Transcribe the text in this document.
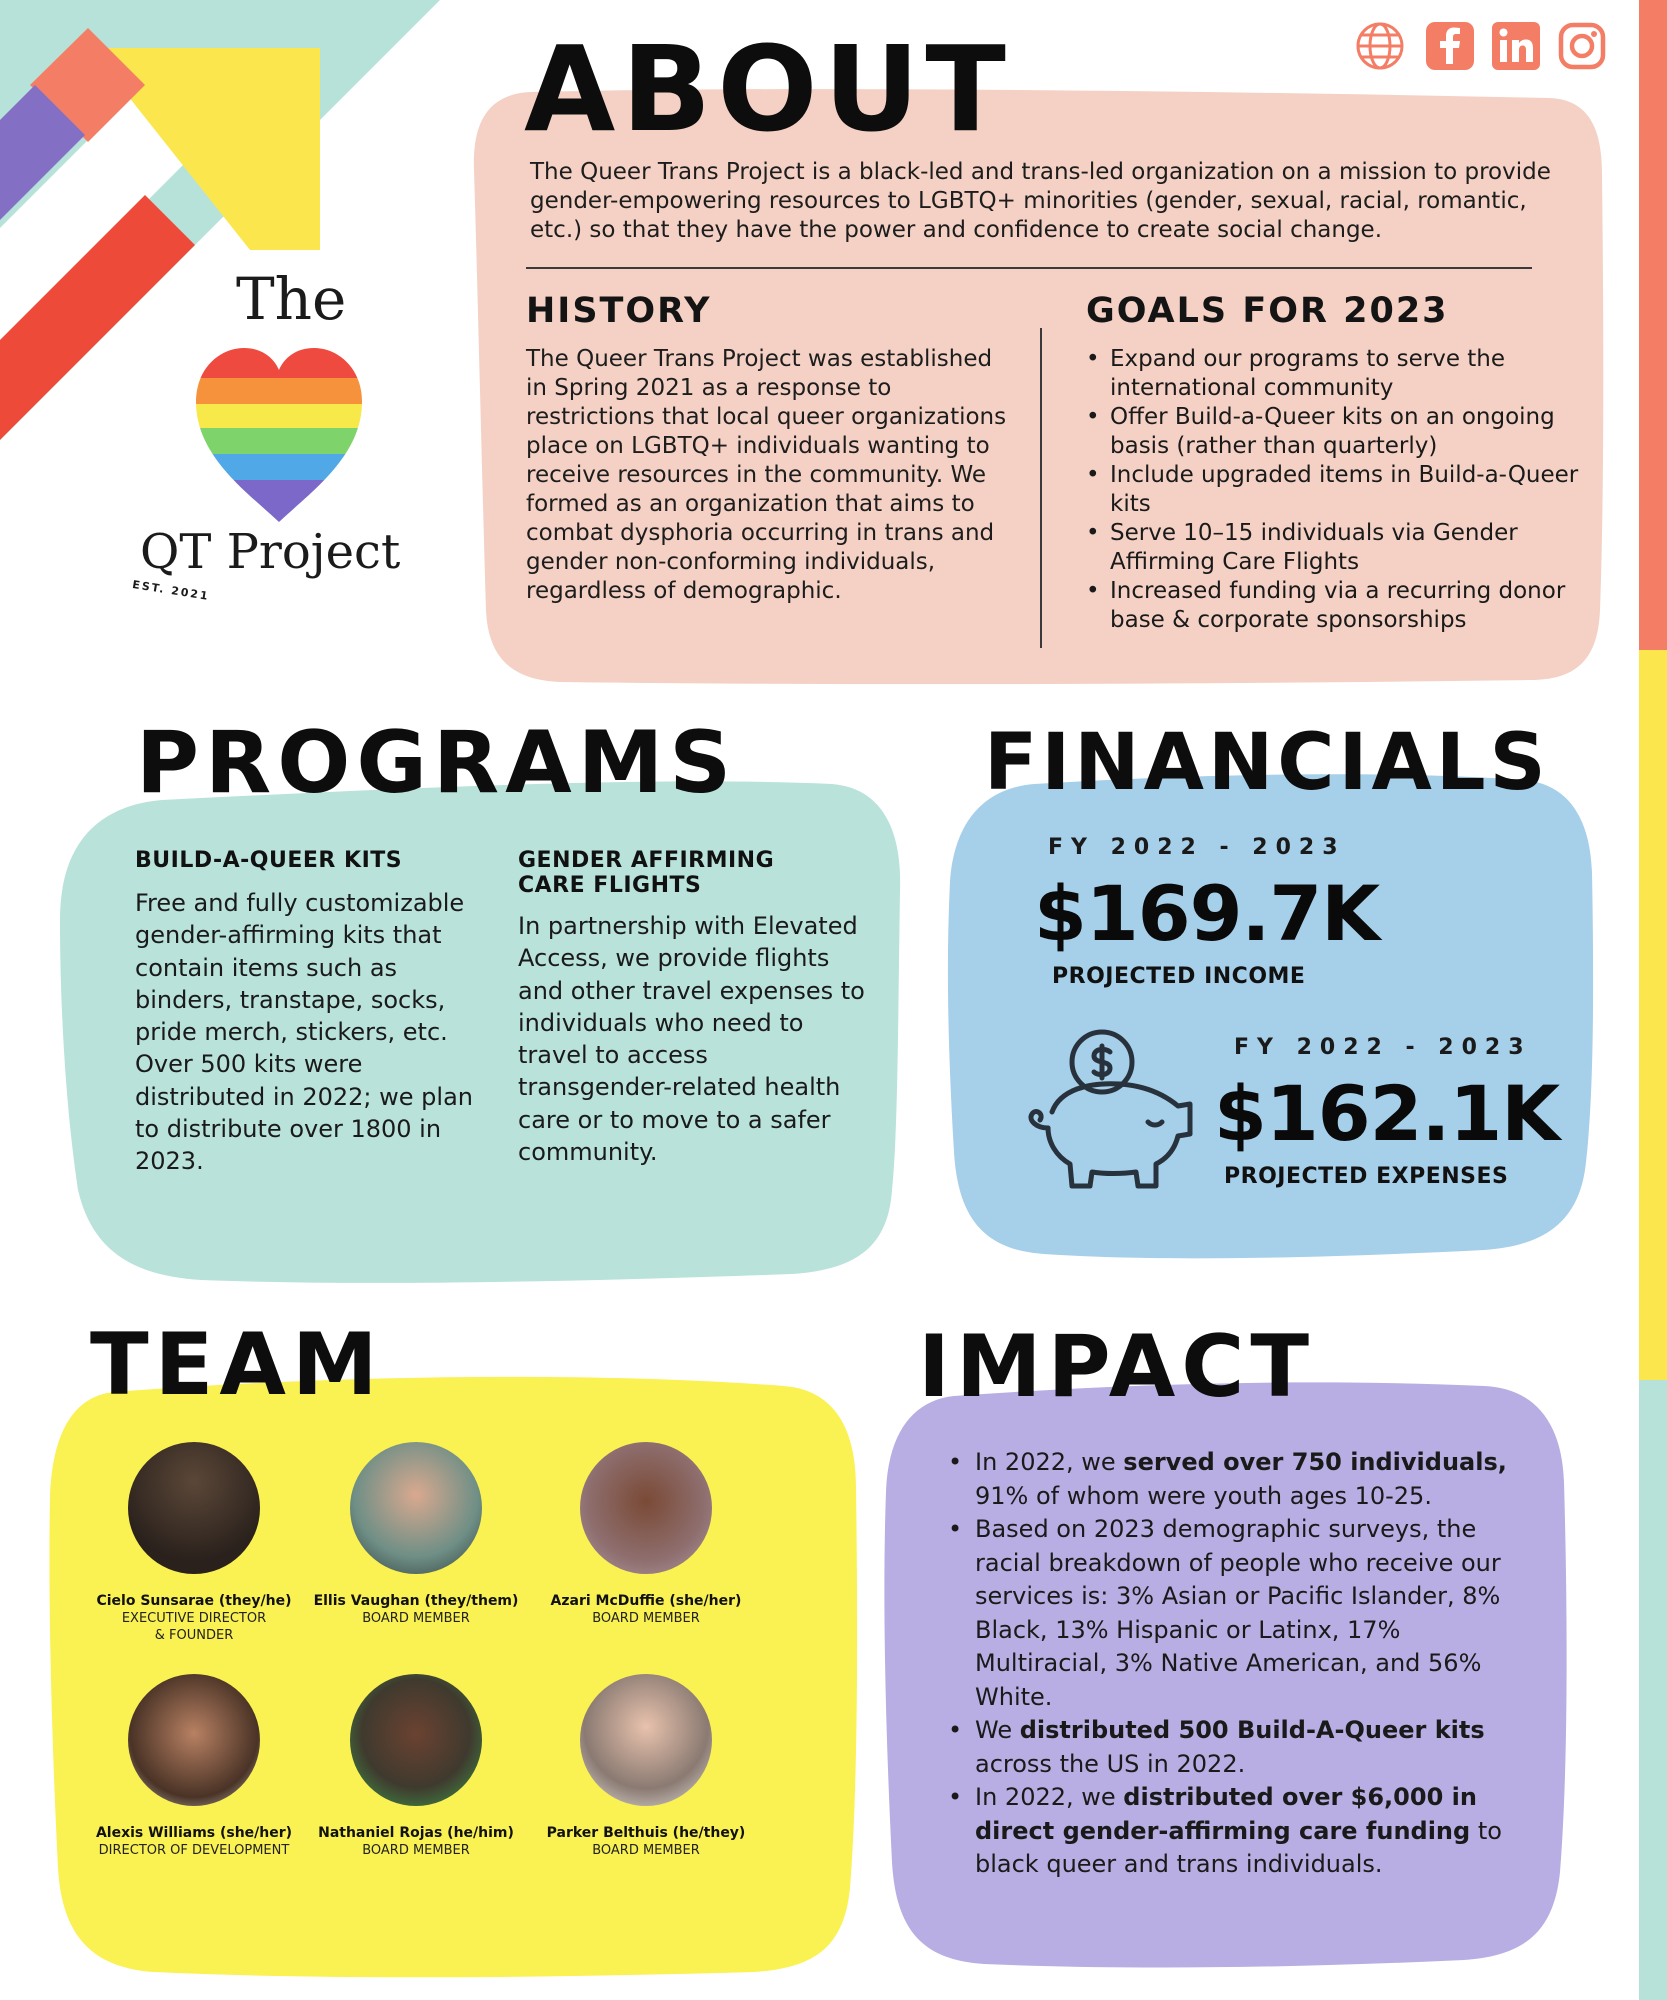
The
QT Project
EST. 2021
ABOUT
The Queer Trans Project is a black-led and trans-led organization on a mission to provide gender-empowering resources to LGBTQ+ minorities (gender, sexual, racial, romantic, etc.) so that they have the power and confidence to create social change.
HISTORY
The Queer Trans Project was established in Spring 2021 as a response to restrictions that local queer organizations place on LGBTQ+ individuals wanting to receive resources in the community. We formed as an organization that aims to combat dysphoria occurring in trans and gender non-conforming individuals, regardless of demographic.
GOALS FOR 2023
• Expand our programs to serve the international community
• Offer Build-a-Queer kits on an ongoing basis (rather than quarterly)
• Include upgraded items in Build-a-Queer kits
• Serve 10–15 individuals via Gender Affirming Care Flights
• Increased funding via a recurring donor base & corporate sponsorships
PROGRAMS
BUILD-A-QUEER KITS
Free and fully customizable gender-affirming kits that contain items such as binders, transtape, socks, pride merch, stickers, etc. Over 500 kits were distributed in 2022; we plan to distribute over 1800 in 2023.
GENDER AFFIRMING CARE FLIGHTS
In partnership with Elevated Access, we provide flights and other travel expenses to individuals who need to travel to access transgender-related health care or to move to a safer community.
FINANCIALS
FY 2022 - 2023
$169.7K
PROJECTED INCOME
FY 2022 - 2023
$162.1K
PROJECTED EXPENSES
TEAM
Cielo Sunsarae (they/he)
EXECUTIVE DIRECTOR
& FOUNDER
Ellis Vaughan (they/them)
BOARD MEMBER
Azari McDuffie (she/her)
BOARD MEMBER
Alexis Williams (she/her)
DIRECTOR OF DEVELOPMENT
Nathaniel Rojas (he/him)
BOARD MEMBER
Parker Belthuis (he/they)
BOARD MEMBER
IMPACT
• In 2022, we served over 750 individuals, 91% of whom were youth ages 10-25.
• Based on 2023 demographic surveys, the racial breakdown of people who receive our services is: 3% Asian or Pacific Islander, 8% Black, 13% Hispanic or Latinx, 17% Multiracial, 3% Native American, and 56% White.
• We distributed 500 Build-A-Queer kits across the US in 2022.
• In 2022, we distributed over $6,000 in direct gender-affirming care funding to black queer and trans individuals.
